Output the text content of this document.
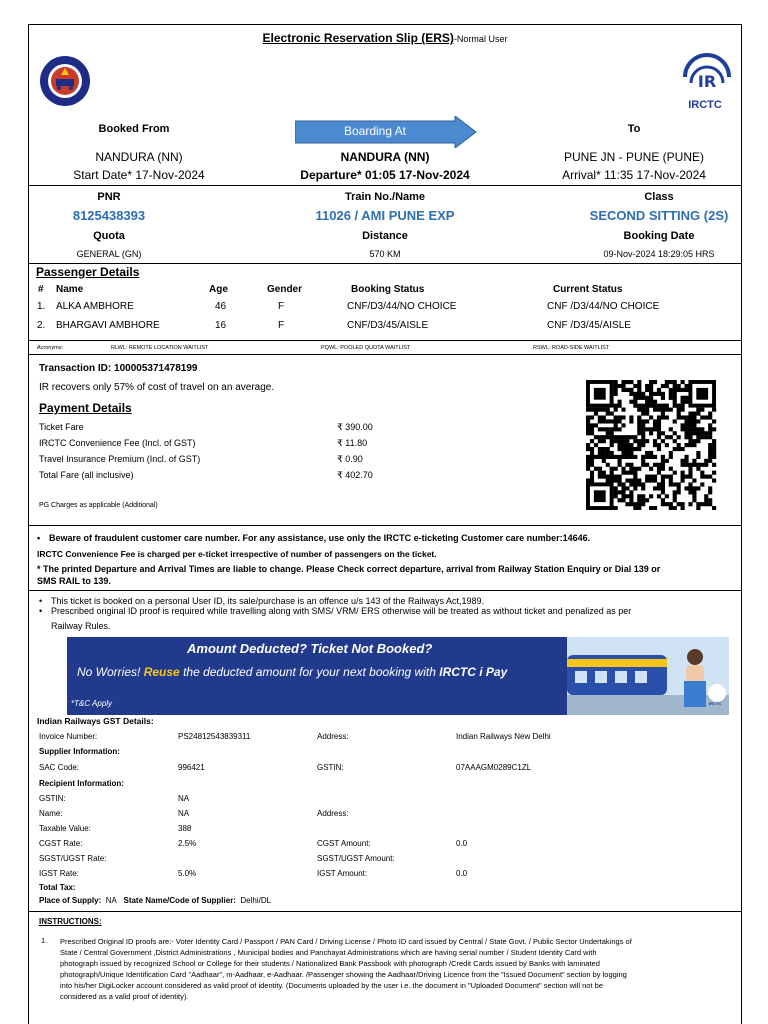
Electronic Reservation Slip (ERS)-Normal User
IR
IRCTC
Booked From	Boarding At	To
NANDURA (NN)	NANDURA (NN)	PUNE JN - PUNE (PUNE)
Start Date* 17-Nov-2024	Departure* 01:05 17-Nov-2024	Arrival* 11:35 17-Nov-2024
PNR	Train No./Name	Class
8125438393	11026 / AMI PUNE EXP	SECOND SITTING (2S)
Quota	Distance	Booking Date
GENERAL (GN)	570 KM	09-Nov-2024 18:29:05 HRS
Passenger Details
# Name	Age	Gender	Booking Status	Current Status
1. ALKA AMBHORE	46	F	CNF/D3/44/NO CHOICE	CNF /D3/44/NO CHOICE
2. BHARGAVI AMBHORE	16	F	CNF/D3/45/AISLE	CNF /D3/45/AISLE
Acronyms:	RLWL: REMOTE LOCATION WAITLIST	PQWL: POOLED QUOTA WAITLIST	RSWL: ROAD-SIDE WAITLIST
Transaction ID: 100005371478199
IR recovers only 57% of cost of travel on an average.
Payment Details
Ticket Fare	₹ 390.00
IRCTC Convenience Fee (Incl. of GST)	₹ 11.80
Travel Insurance Premium (Incl. of GST)	₹ 0.90
Total Fare (all inclusive)	₹ 402.70
PG Charges as applicable (Additional)
• Beware of fraudulent customer care number. For any assistance, use only the IRCTC e-ticketing Customer care number:14646.
IRCTC Convenience Fee is charged per e-ticket irrespective of number of passengers on the ticket.
* The printed Departure and Arrival Times are liable to change. Please Check correct departure, arrival from Railway Station Enquiry or Dial 139 or
SMS RAIL to 139.
• This ticket is booked on a personal User ID, its sale/purchase is an offence u/s 143 of the Railways Act,1989.
• Prescribed original ID proof is required while travelling along with SMS/ VRM/ ERS otherwise will be treated as without ticket and penalized as per
Railway Rules.
IRCTC
Amount Deducted? Ticket Not Booked?
No Worries! Reuse the deducted amount for your next booking with IRCTC i Pay
*T&C Apply
Indian Railways GST Details:
Invoice Number:	PS24812543839311	Address:	Indian Railways New Delhi
Supplier Information:
SAC Code:	996421	GSTIN:	07AAAGM0289C1ZL
Recipient Information:
GSTIN:	NA
Name:	NA	Address:
Taxable Value:	388
CGST Rate:	2.5%	CGST Amount:	0.0
SGST/UGST Rate:	SGST/UGST Amount:
IGST Rate:	5.0%	IGST Amount:	0.0
Total Tax:
Place of Supply: NA State Name/Code of Supplier: Delhi/DL
INSTRUCTIONS:
1. Prescribed Original ID proofs are:- Voter Identity Card / Passport / PAN Card / Driving License / Photo ID card issued by Central / State Govt. / Public Sector Undertakings of
State / Central Government ,District Administrations , Municipal bodies and Panchayat Administrations which are having serial number / Student Identity Card with
photograph issued by recognized School or College for their students / Nationalized Bank Passbook with photograph /Credit Cards issued by Banks with laminated
photograph/Unique Identification Card "Aadhaar", m-Aadhaar, e-Aadhaar. /Passenger showing the Aadhaar/Driving Licence from the "Issued Document" section by logging
into his/her DigiLocker account considered as valid proof of identity. (Documents uploaded by the user i.e. the document in "Uploaded Document" section will not be
considered as a valid proof of identity).
